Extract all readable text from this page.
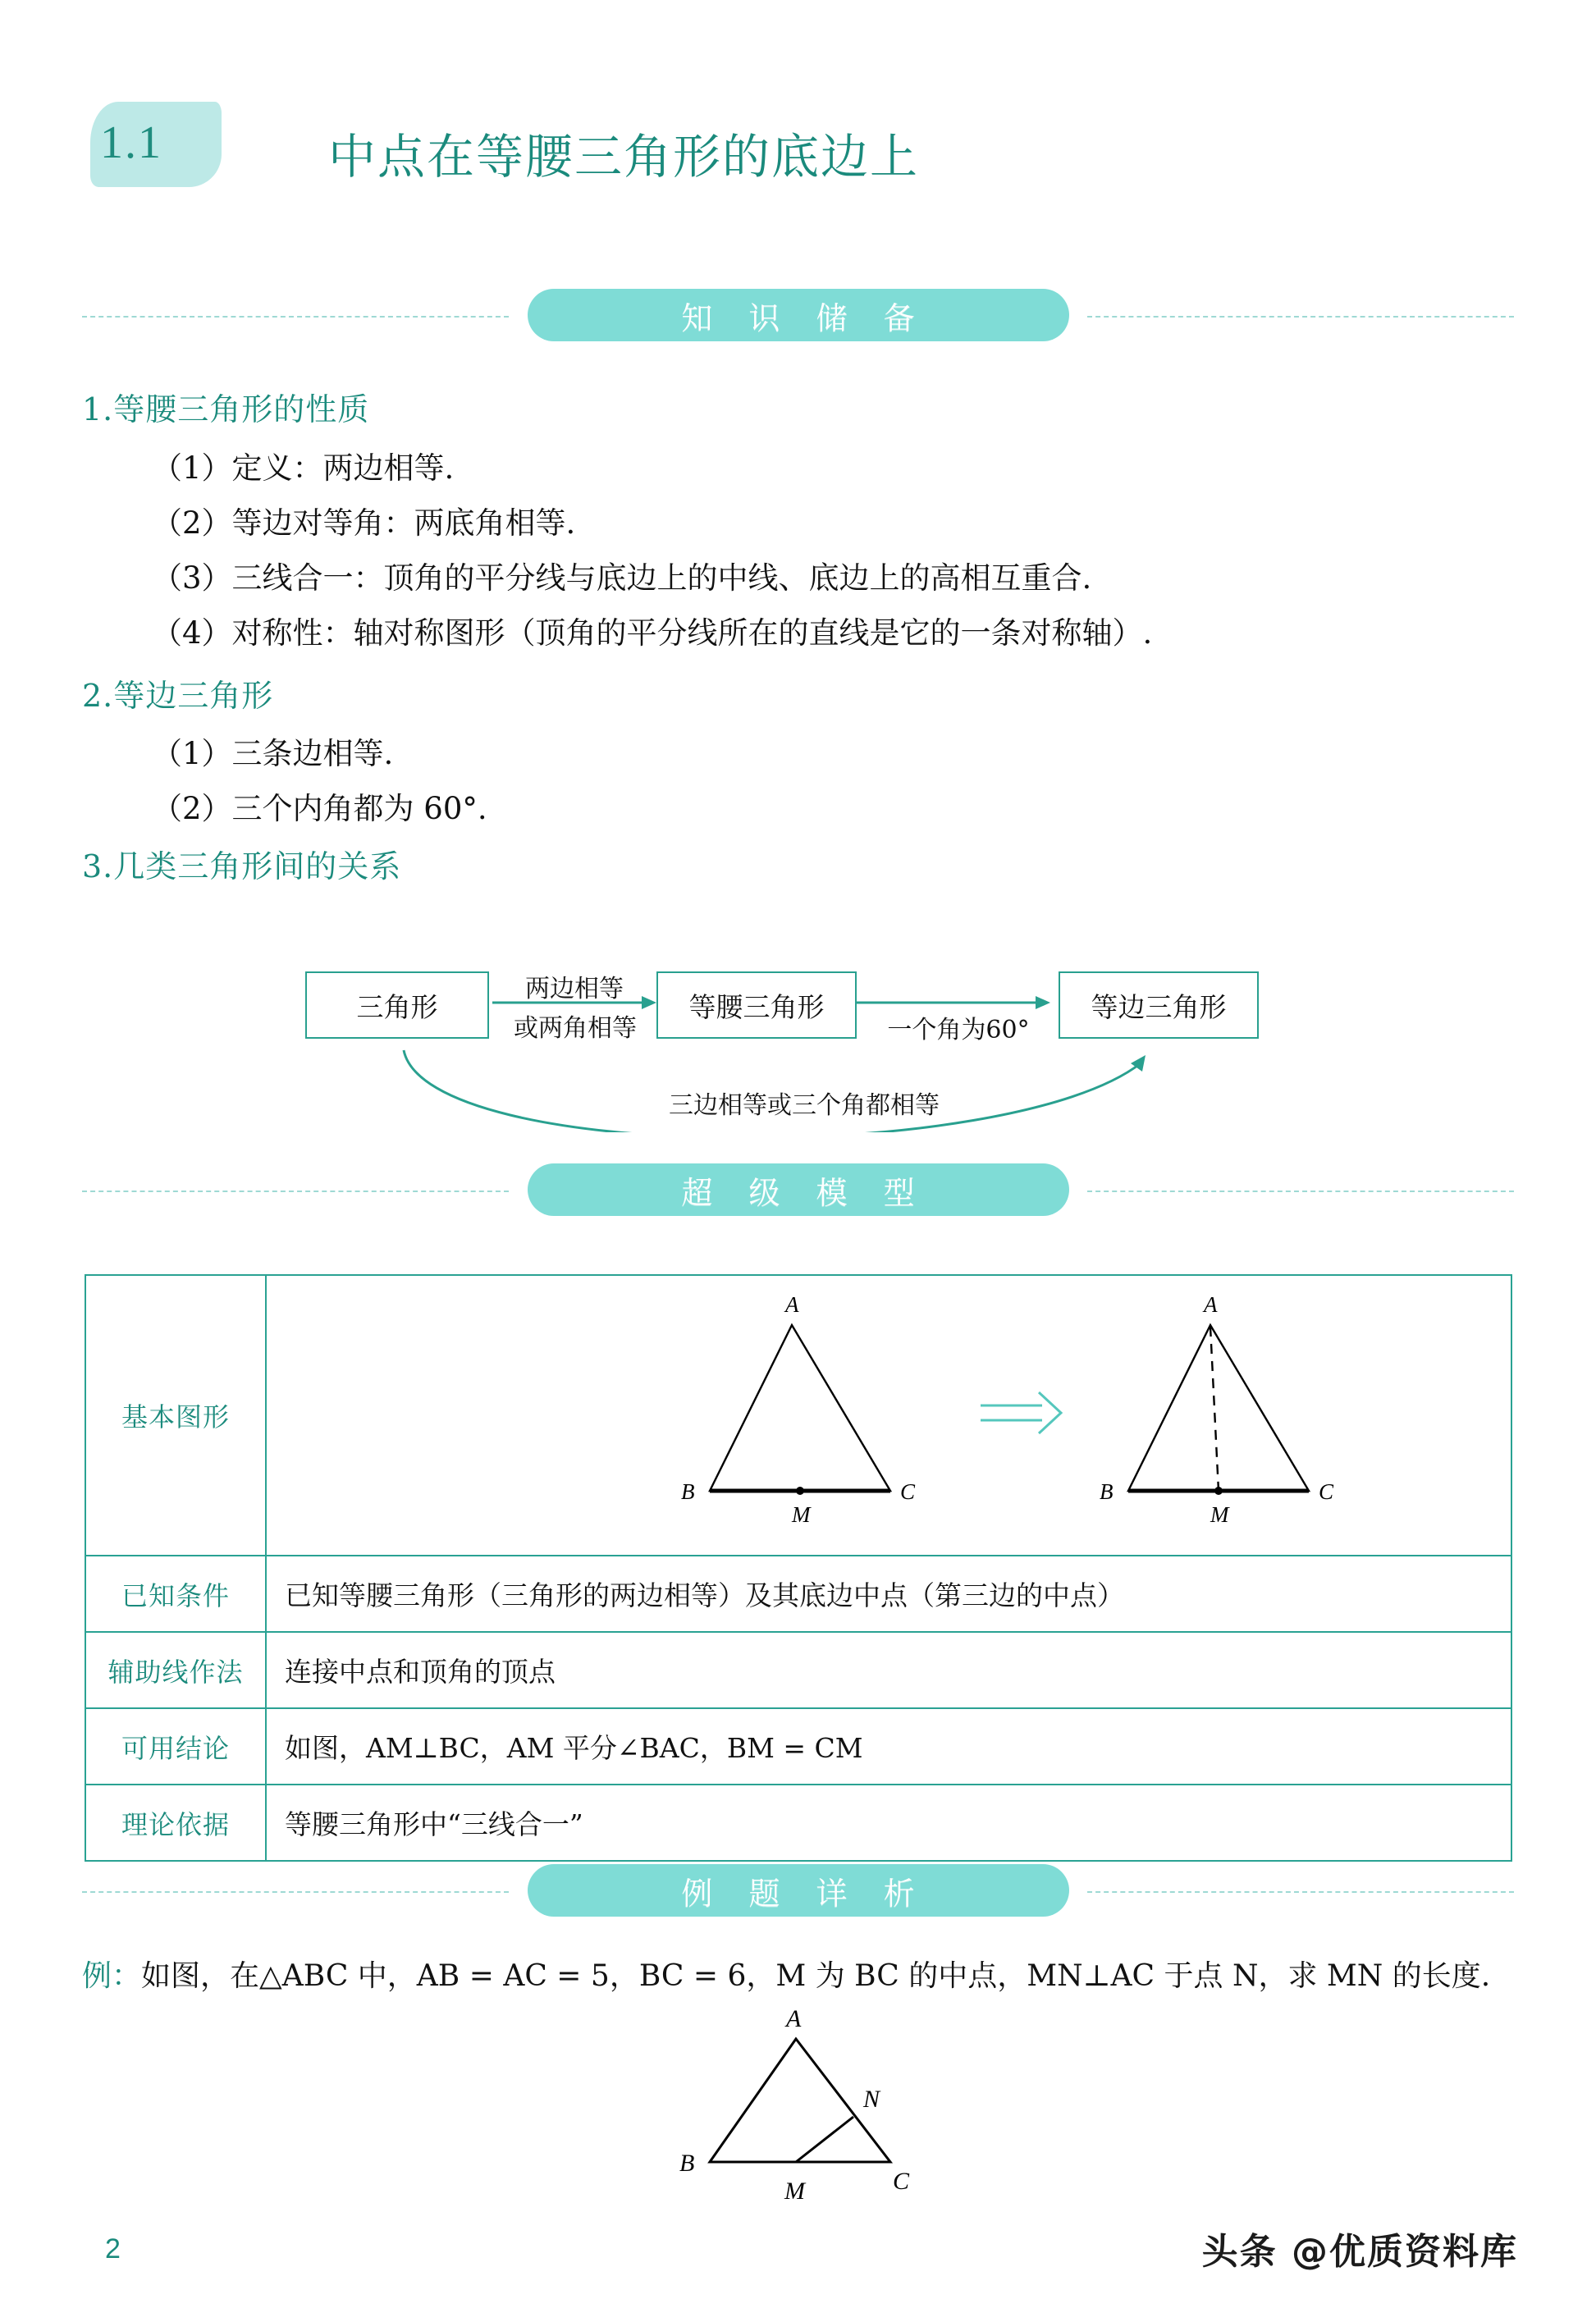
1.1	中点在等腰三角形的底边上
知 识 储 备
1.等腰三角形的性质
（1）定义：两边相等.
（2）等边对等角：两底角相等.
（3）三线合一：顶角的平分线与底边上的中线、底边上的高相互重合.
（4）对称性：轴对称图形（顶角的平分线所在的直线是它的一条对称轴）.
2.等边三角形
（1）三条边相等.
（2）三个内角都为 60°.
3.几类三角形间的关系
三角形	等腰三角形	等边三角形
两边相等
或两角相等	一个角为60°
三边相等或三个角都相等
超 级 模 型
基本图形
A
B	C
M
A
B	C
M
已知条件	已知等腰三角形（三角形的两边相等）及其底边中点（第三边的中点）
辅助线作法	连接中点和顶角的顶点
可用结论	如图，AM⊥BC，AM 平分∠BAC，BM = CM
理论依据	等腰三角形中“三线合一”
例 题 详 析
例：如图，在△ABC 中，AB = AC = 5，BC = 6，M 为 BC 的中点，MN⊥AC 于点 N，求 MN 的长度.
A
B
C
M
N
2	头条 @优质资料库
